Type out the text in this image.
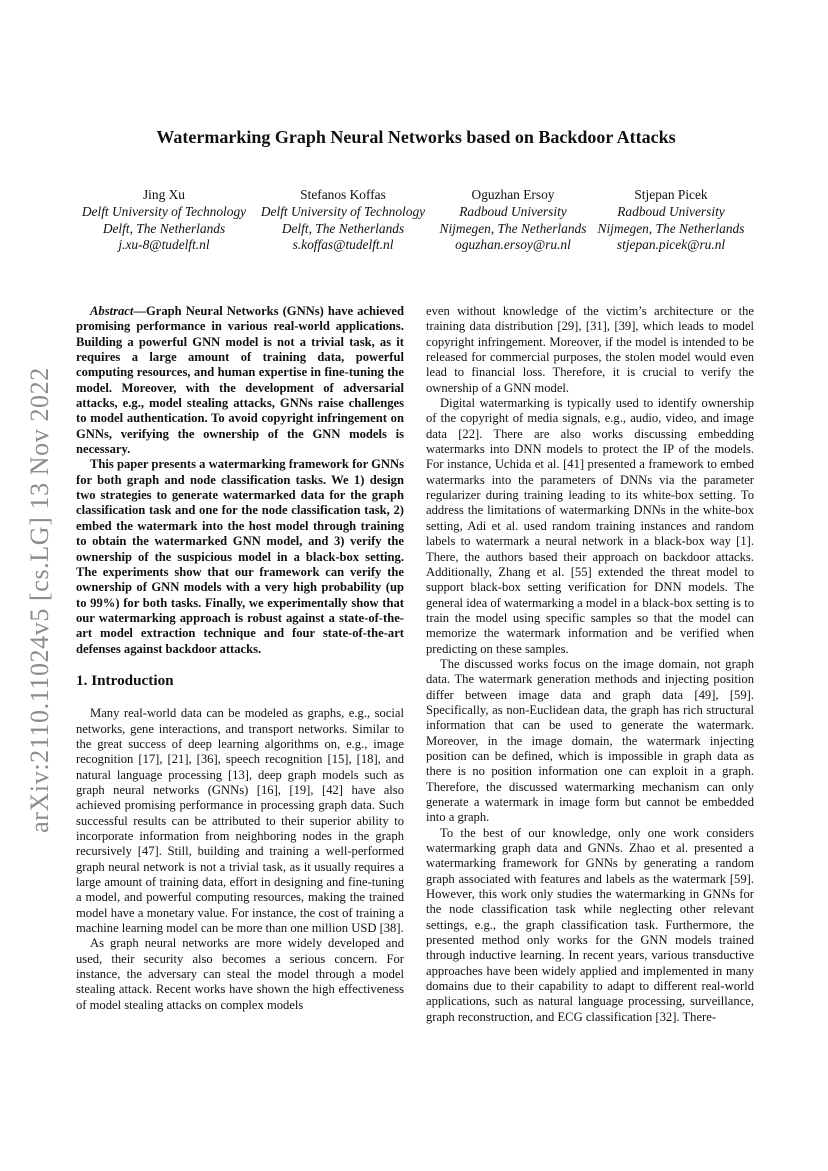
arXiv:2110.11024v5 [cs.LG] 13 Nov 2022
Watermarking Graph Neural Networks based on Backdoor Attacks
Jing Xu
Delft University of Technology
Delft, The Netherlands
j.xu-8@tudelft.nl
Stefanos Koffas
Delft University of Technology
Delft, The Netherlands
s.koffas@tudelft.nl
Oguzhan Ersoy
Radboud University
Nijmegen, The Netherlands
oguzhan.ersoy@ru.nl
Stjepan Picek
Radboud University
Nijmegen, The Netherlands
stjepan.picek@ru.nl

Abstract—Graph Neural Networks (GNNs) have achieved promising performance in various real-world applications. Building a powerful GNN model is not a trivial task, as it requires a large amount of training data, powerful computing resources, and human expertise in fine-tuning the model. Moreover, with the development of adversarial attacks, e.g., model stealing attacks, GNNs raise challenges to model authentication. To avoid copyright infringement on GNNs, verifying the ownership of the GNN models is necessary.

This paper presents a watermarking framework for GNNs for both graph and node classification tasks. We 1) design two strategies to generate watermarked data for the graph classification task and one for the node classification task, 2) embed the watermark into the host model through training to obtain the watermarked GNN model, and 3) verify the ownership of the suspicious model in a black-box setting. The experiments show that our framework can verify the ownership of GNN models with a very high probability (up to 99%) for both tasks. Finally, we experimentally show that our watermarking approach is robust against a state-of-the-art model extraction technique and four state-of-the-art defenses against backdoor attacks.

1. Introduction

Many real-world data can be modeled as graphs, e.g., social networks, gene interactions, and transport networks. Similar to the great success of deep learning algorithms on, e.g., image recognition [17], [21], [36], speech recognition [15], [18], and natural language processing [13], deep graph models such as graph neural networks (GNNs) [16], [19], [42] have also achieved promising performance in processing graph data. Such successful results can be attributed to their superior ability to incorporate information from neighboring nodes in the graph recursively [47]. Still, building and training a well-performed graph neural network is not a trivial task, as it usually requires a large amount of training data, effort in designing and fine-tuning a model, and powerful computing resources, making the trained model have a monetary value. For instance, the cost of training a machine learning model can be more than one million USD [38].

As graph neural networks are more widely developed and used, their security also becomes a serious concern. For instance, the adversary can steal the model through a model stealing attack. Recent works have shown the high effectiveness of model stealing attacks on complex models

even without knowledge of the victim’s architecture or the training data distribution [29], [31], [39], which leads to model copyright infringement. Moreover, if the model is intended to be released for commercial purposes, the stolen model would even lead to financial loss. Therefore, it is crucial to verify the ownership of a GNN model.

Digital watermarking is typically used to identify ownership of the copyright of media signals, e.g., audio, video, and image data [22]. There are also works discussing embedding watermarks into DNN models to protect the IP of the models. For instance, Uchida et al. [41] presented a framework to embed watermarks into the parameters of DNNs via the parameter regularizer during training leading to its white-box setting. To address the limitations of watermarking DNNs in the white-box setting, Adi et al. used random training instances and random labels to watermark a neural network in a black-box way [1]. There, the authors based their approach on backdoor attacks. Additionally, Zhang et al. [55] extended the threat model to support black-box setting verification for DNN models. The general idea of watermarking a model in a black-box setting is to train the model using specific samples so that the model can memorize the watermark information and be verified when predicting on these samples.

The discussed works focus on the image domain, not graph data. The watermark generation methods and injecting position differ between image data and graph data [49], [59]. Specifically, as non-Euclidean data, the graph has rich structural information that can be used to generate the watermark. Moreover, in the image domain, the watermark injecting position can be defined, which is impossible in graph data as there is no position information one can exploit in a graph. Therefore, the discussed watermarking mechanism can only generate a watermark in image form but cannot be embedded into a graph.

To the best of our knowledge, only one work considers watermarking graph data and GNNs. Zhao et al. presented a watermarking framework for GNNs by generating a random graph associated with features and labels as the watermark [59]. However, this work only studies the watermarking in GNNs for the node classification task while neglecting other relevant settings, e.g., the graph classification task. Furthermore, the presented method only works for the GNN models trained through inductive learning. In recent years, various transductive approaches have been widely applied and implemented in many domains due to their capability to adapt to different real-world applications, such as natural language processing, surveillance, graph reconstruction, and ECG classification [32]. There-
